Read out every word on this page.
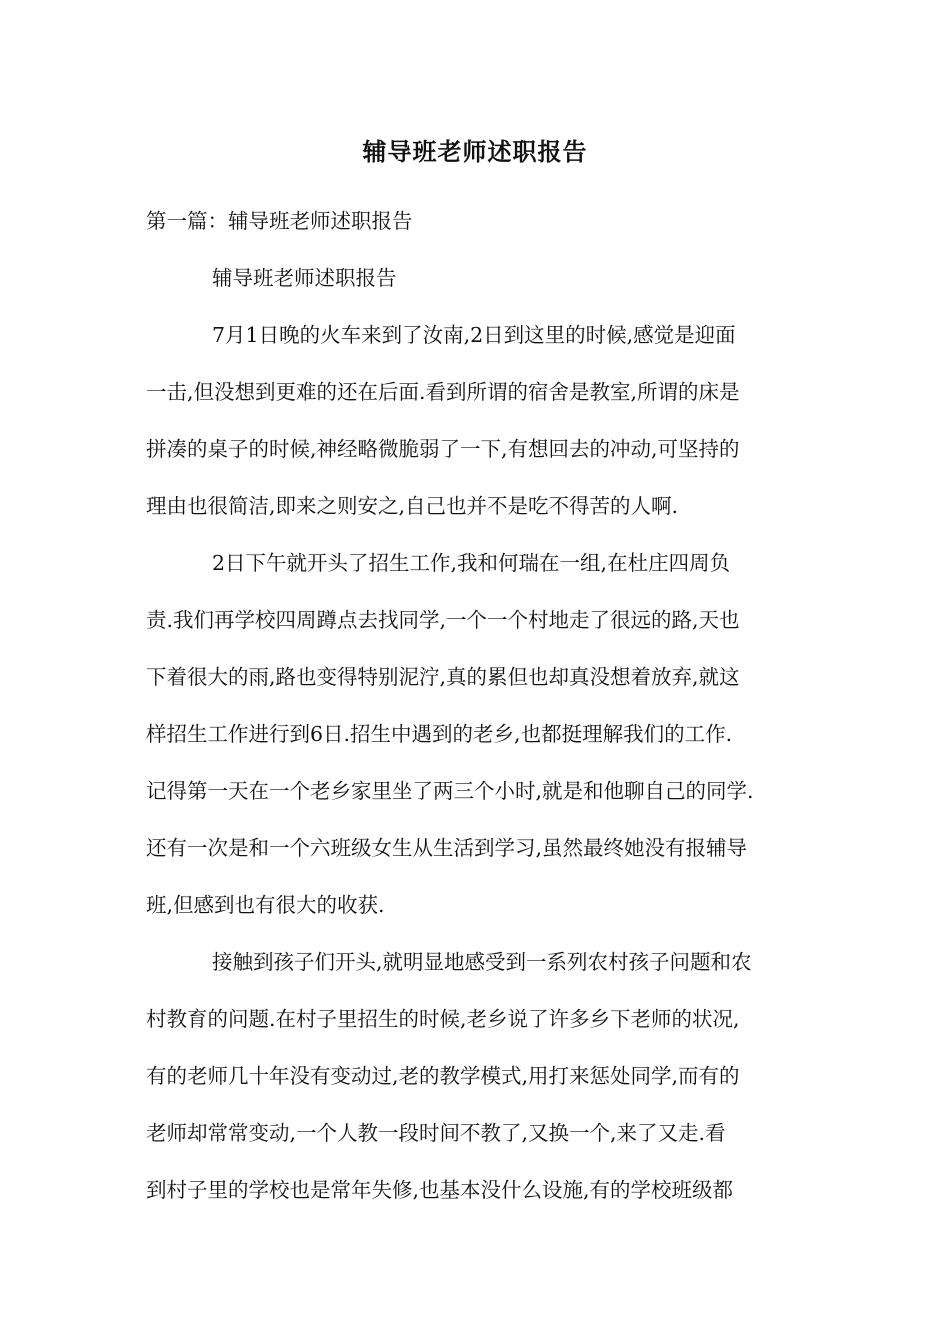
辅导班老师述职报告
第一篇：辅导班老师述职报告
辅导班老师述职报告
7月1日晚的火车来到了汝南,2日到这里的时候,感觉是迎面
一击,但没想到更难的还在后面.看到所谓的宿舍是教室,所谓的床是
拼凑的桌子的时候,神经略微脆弱了一下,有想回去的冲动,可坚持的
理由也很简洁,即来之则安之,自己也并不是吃不得苦的人啊.
2日下午就开头了招生工作,我和何瑞在一组,在杜庄四周负
责.我们再学校四周蹲点去找同学,一个一个村地走了很远的路,天也
下着很大的雨,路也变得特别泥泞,真的累但也却真没想着放弃,就这
样招生工作进行到6日.招生中遇到的老乡,也都挺理解我们的工作.
记得第一天在一个老乡家里坐了两三个小时,就是和他聊自己的同学.
还有一次是和一个六班级女生从生活到学习,虽然最终她没有报辅导
班,但感到也有很大的收获.
接触到孩子们开头,就明显地感受到一系列农村孩子问题和农
村教育的问题.在村子里招生的时候,老乡说了许多乡下老师的状况,
有的老师几十年没有变动过,老的教学模式,用打来惩处同学,而有的
老师却常常变动,一个人教一段时间不教了,又换一个,来了又走.看
到村子里的学校也是常年失修,也基本没什么设施,有的学校班级都
